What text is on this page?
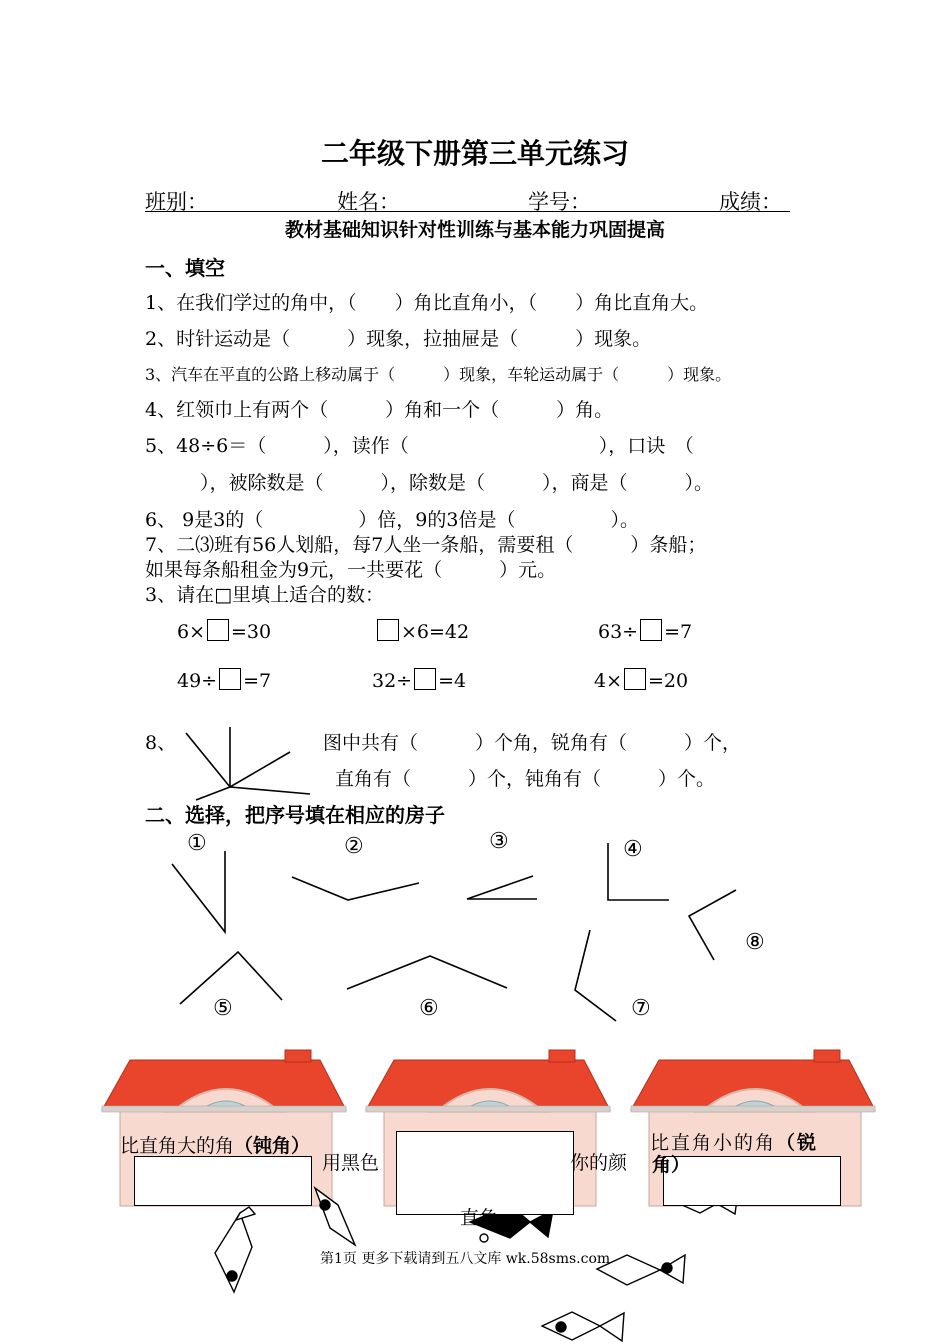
二年级下册第三单元练习
班别：	姓名：	学号：	成绩：
教材基础知识针对性训练与基本能力巩固提高
一、填空
1、在我们学过的角中，（　　）角比直角小，（　　）角比直角大。
2、时针运动是（　　　）现象，拉抽屉是（　　　）现象。
3、汽车在平直的公路上移动属于（　　　）现象，车轮运动属于（　　　）现象。
4、红领巾上有两个（　　　）角和一个（　　　）角。
5、48÷6＝（　　　），读作（　　　　　　　　　　），口诀　（
），被除数是（　　　），除数是（　　　），商是（　　　）。
6、 9是3的（　　　　　）倍，9的3倍是（　　　　　）。
7、二⑶班有56人划船，每7人坐一条船，需要租（　　　）条船；
如果每条船租金为9元，一共要花（　　　）元。
3、请在□里填上适合的数：
6× =30	×6=42	63÷ =7
49÷ =7	32÷ =4	4× =20
8、	图中共有（　　　）个角，锐角有（　　　）个，
直角有（　　　）个，钝角有（　　　）个。
二、选择，把序号填在相应的房子
①	②	③	④
⑤	⑥	⑦
⑧
比直角大的角（钝角）	比直角小的角（锐
角）
用黑色	你的颜
直角
第1页 更多下载请到五八文库 wk.58sms.com
